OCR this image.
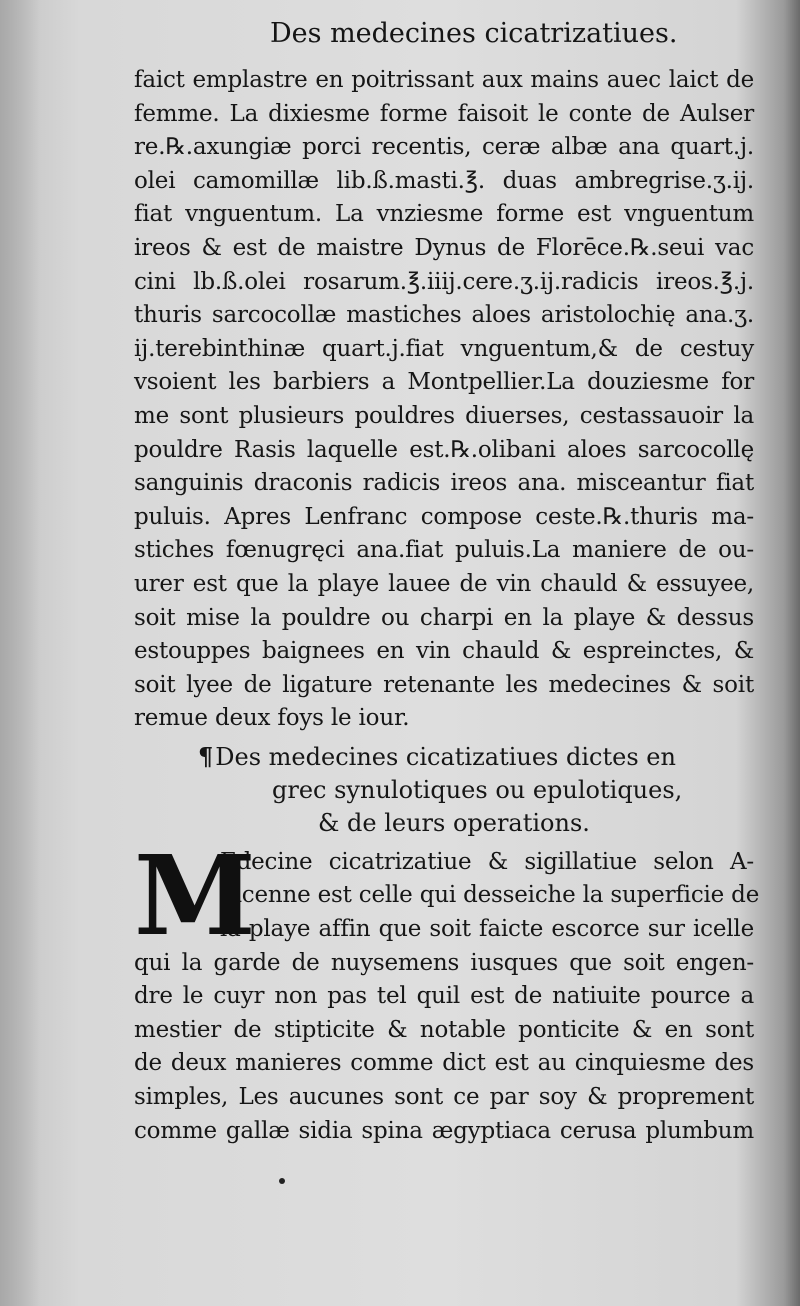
Des medecines cicatrizatiues.
faict emplastre en poitrissant aux mains auec laict de
femme. La dixiesme forme faisoit le conte de Aulser
re.℞.axungiæ porci recentis, ceræ albæ ana quart.j.
olei camomillæ lib.ß.masti.℥. duas ambregrise.ʒ.ij.
fiat vnguentum. La vnziesme forme est vnguentum
ireos & est de maistre Dynus de Florēce.℞.seui vac
cini lb.ß.olei rosarum.℥.iiij.cere.ʒ.ij.radicis ireos.℥.j.
thuris sarcocollæ mastiches aloes aristolochię ana.ʒ.
ij.terebinthinæ quart.j.fiat vnguentum,& de cestuy
vsoient les barbiers a Montpellier.La douziesme for
me sont plusieurs pouldres diuerses, cestassauoir la
pouldre Rasis laquelle est.℞.olibani aloes sarcocollę
sanguinis draconis radicis ireos ana. misceantur fiat
puluis. Apres Lenfranc compose ceste.℞.thuris ma-
stiches fœnugręci ana.fiat puluis.La maniere de ou-
urer est que la playe lauee de vin chauld & essuyee,
soit mise la pouldre ou charpi en la playe & dessus
estouppes baignees en vin chauld & espreinctes, &
soit lyee de ligature retenante les medecines & soit
remue deux foys le iour.
¶Des medecines cicatizatiues dictes en
grec synulotiques ou epulotiques,
& de leurs operations.
M
Edecine cicatrizatiue & sigillatiue selon A-
uicenne est celle qui desseiche la superficie de
la playe affin que soit faicte escorce sur icelle
qui la garde de nuysemens iusques que soit engen-
dre le cuyr non pas tel quil est de natiuite pource a
mestier de stipticite & notable ponticite & en sont
de deux manieres comme dict est au cinquiesme des
simples, Les aucunes sont ce par soy & proprement
comme gallæ sidia spina ægyptiaca cerusa plumbum
